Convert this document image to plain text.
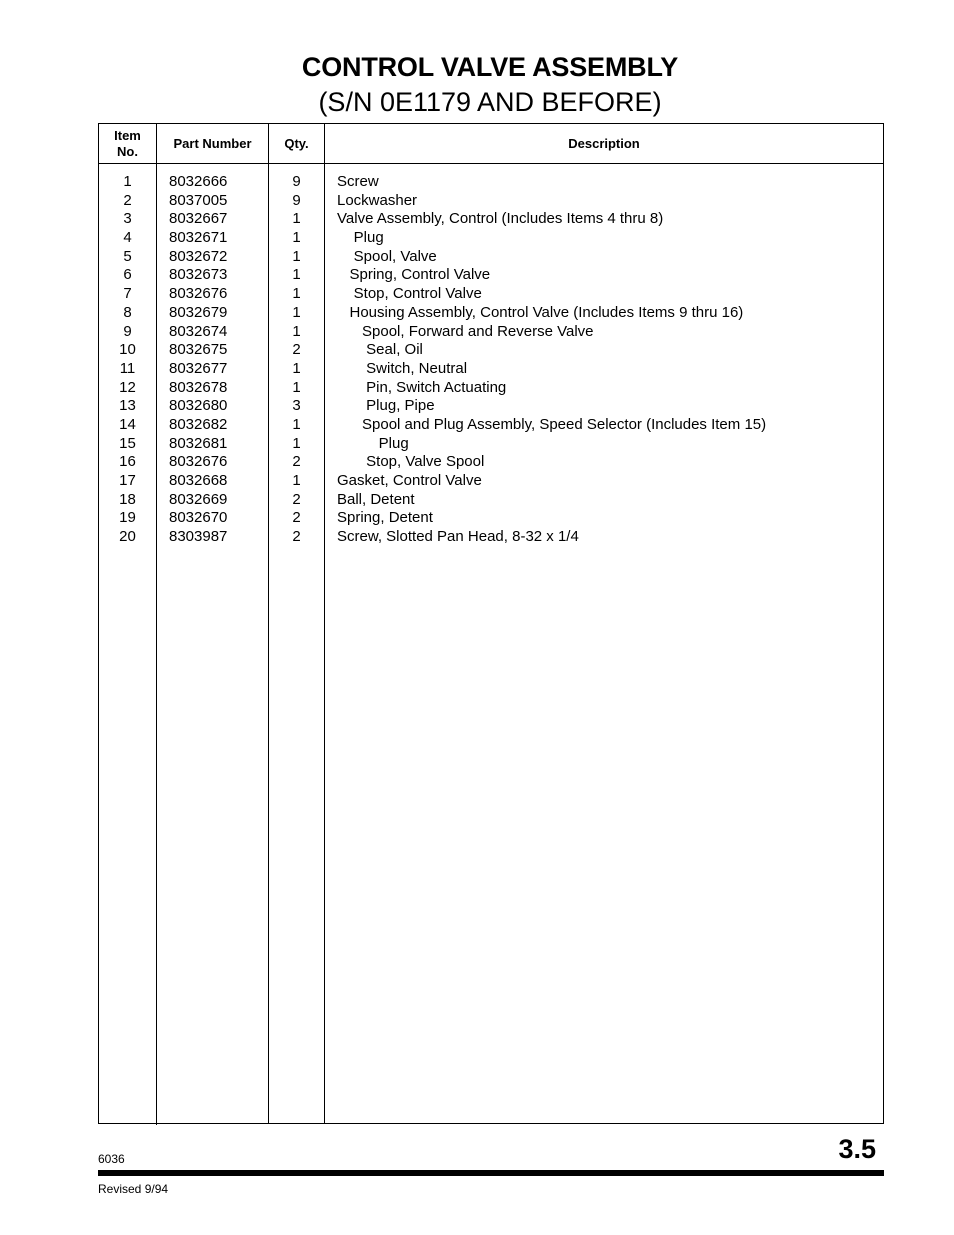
CONTROL VALVE ASSEMBLY
(S/N 0E1179 AND BEFORE)
Item
No.
Part Number	Qty.	Description
1	8032666	9	Screw
2	8037005	9	Lockwasher
3	8032667	1	Valve Assembly, Control (Includes Items 4 thru 8)
4	8032671	1	Plug
5	8032672	1	Spool, Valve
6	8032673	1	Spring, Control Valve
7	8032676	1	Stop, Control Valve
8	8032679	1	Housing Assembly, Control Valve (Includes Items 9 thru 16)
9	8032674	1	Spool, Forward and Reverse Valve
10	8032675	2	Seal, Oil
11	8032677	1	Switch, Neutral
12	8032678	1	Pin, Switch Actuating
13	8032680	3	Plug, Pipe
14	8032682	1	Spool and Plug Assembly, Speed Selector (Includes Item 15)
15	8032681	1	Plug
16	8032676	2	Stop, Valve Spool
17	8032668	1	Gasket, Control Valve
18	8032669	2	Ball, Detent
19	8032670	2	Spring, Detent
20	8303987	2	Screw, Slotted Pan Head, 8-32 x 1/4
6036	3.5
Revised 9/94
